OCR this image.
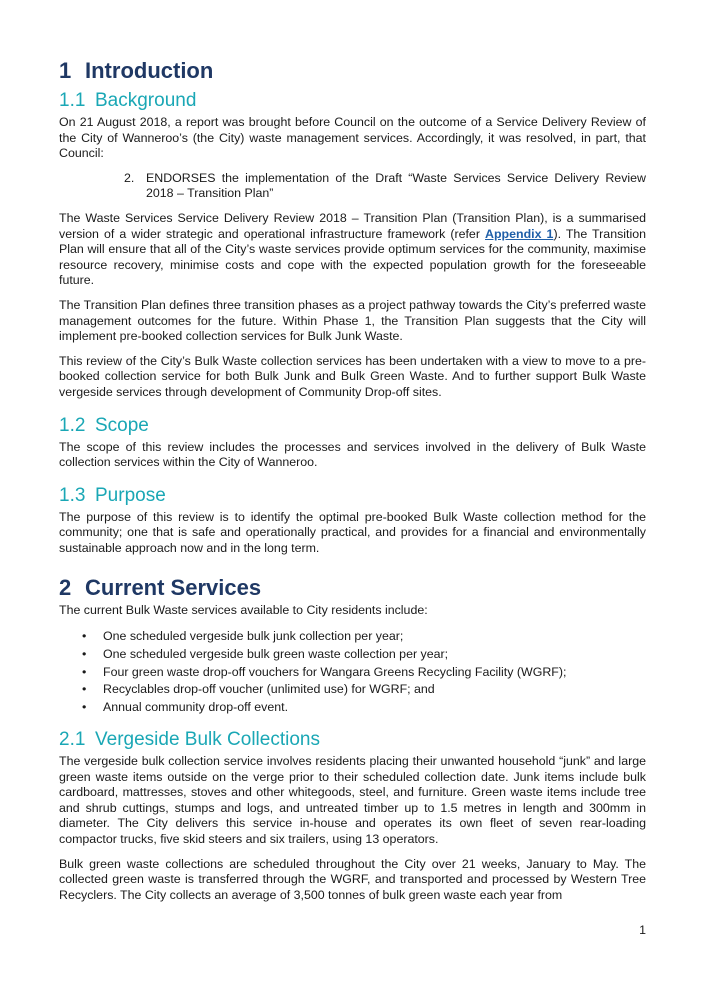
1 Introduction
1.1 Background

On 21 August 2018, a report was brought before Council on the outcome of a Service Delivery Review of the City of Wanneroo’s (the City) waste management services. Accordingly, it was resolved, in part, that Council:

2. ENDORSES the implementation of the Draft “Waste Services Service Delivery Review 2018 – Transition Plan”

The Waste Services Service Delivery Review 2018 – Transition Plan (Transition Plan), is a summarised version of a wider strategic and operational infrastructure framework (refer Appendix 1). The Transition Plan will ensure that all of the City’s waste services provide optimum services for the community, maximise resource recovery, minimise costs and cope with the expected population growth for the foreseeable future.

The Transition Plan defines three transition phases as a project pathway towards the City’s preferred waste management outcomes for the future. Within Phase 1, the Transition Plan suggests that the City will implement pre-booked collection services for Bulk Junk Waste.

This review of the City’s Bulk Waste collection services has been undertaken with a view to move to a pre-booked collection service for both Bulk Junk and Bulk Green Waste. And to further support Bulk Waste vergeside services through development of Community Drop-off sites.

1.2 Scope

The scope of this review includes the processes and services involved in the delivery of Bulk Waste collection services within the City of Wanneroo.

1.3 Purpose

The purpose of this review is to identify the optimal pre-booked Bulk Waste collection method for the community; one that is safe and operationally practical, and provides for a financial and environmentally sustainable approach now and in the long term.

2 Current Services

The current Bulk Waste services available to City residents include:

• One scheduled vergeside bulk junk collection per year;
• One scheduled vergeside bulk green waste collection per year;
• Four green waste drop-off vouchers for Wangara Greens Recycling Facility (WGRF);
• Recyclables drop-off voucher (unlimited use) for WGRF; and
• Annual community drop-off event.
2.1 Vergeside Bulk Collections

The vergeside bulk collection service involves residents placing their unwanted household “junk” and large green waste items outside on the verge prior to their scheduled collection date. Junk items include bulk cardboard, mattresses, stoves and other whitegoods, steel, and furniture. Green waste items include tree and shrub cuttings, stumps and logs, and untreated timber up to 1.5 metres in length and 300mm in diameter. The City delivers this service in-house and operates its own fleet of seven rear-loading compactor trucks, five skid steers and six trailers, using 13 operators.

Bulk green waste collections are scheduled throughout the City over 21 weeks, January to May. The collected green waste is transferred through the WGRF, and transported and processed by Western Tree Recyclers. The City collects an average of 3,500 tonnes of bulk green waste each year from

1
